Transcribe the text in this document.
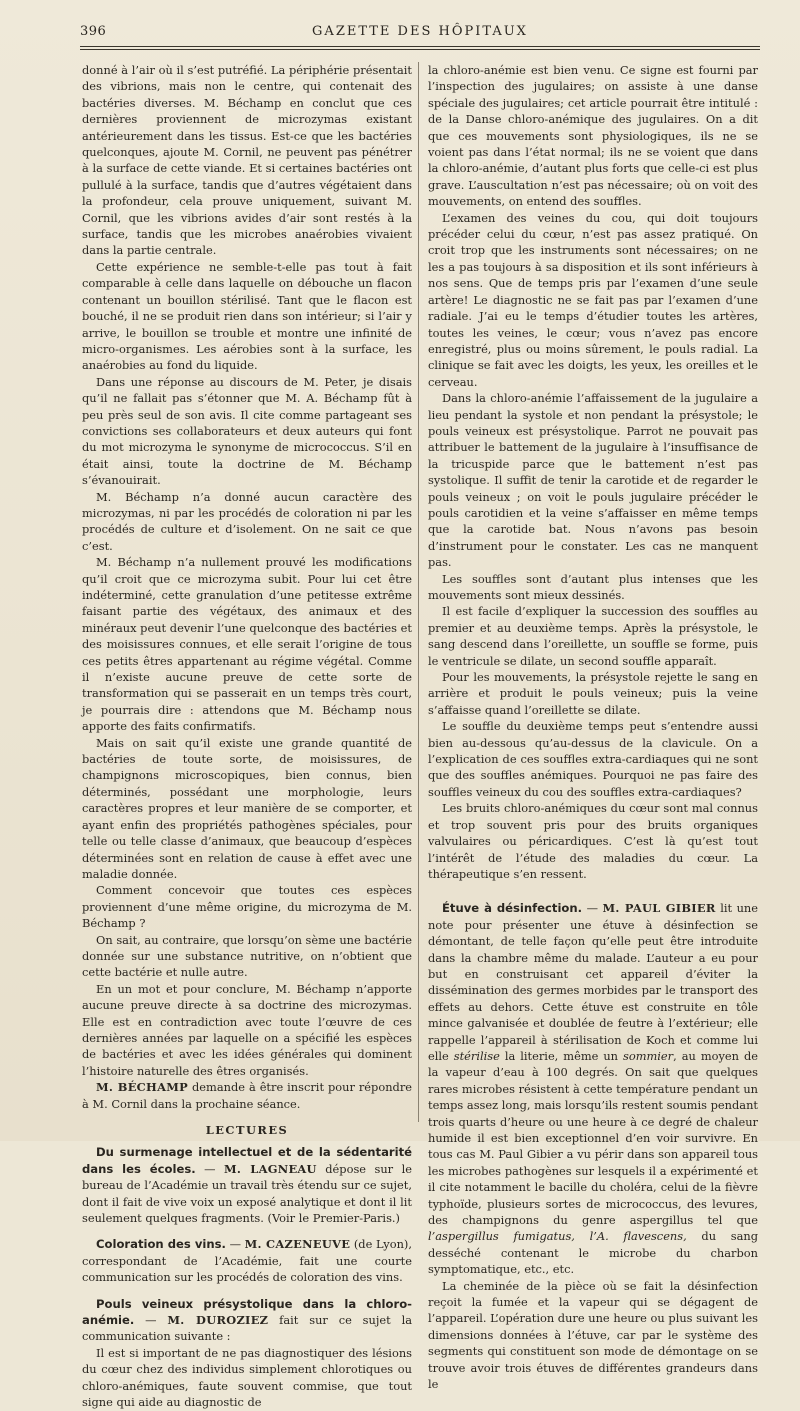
396	GAZETTE DES HÔPITAUX

donné à l’air où il s’est putréfié. La périphérie présentait des vibrions, mais non le centre, qui contenait des bactéries diverses. M. Béchamp en conclut que ces dernières proviennent de microzymas existant antérieurement dans les tissus. Est-ce que les bactéries quelconques, ajoute M. Cornil, ne peuvent pas pénétrer à la surface de cette viande. Et si certaines bactéries ont pullulé à la surface, tandis que d’autres végétaient dans la profondeur, cela prouve uniquement, suivant M. Cornil, que les vibrions avides d’air sont restés à la surface, tandis que les microbes anaérobies vivaient dans la partie centrale.

Cette expérience ne semble-t-elle pas tout à fait comparable à celle dans laquelle on débouche un flacon contenant un bouillon stérilisé. Tant que le flacon est bouché, il ne se produit rien dans son intérieur; si l’air y arrive, le bouillon se trouble et montre une infinité de micro-organismes. Les aérobies sont à la surface, les anaérobies au fond du liquide.

Dans une réponse au discours de M. Peter, je disais qu’il ne fallait pas s’étonner que M. A. Béchamp fût à peu près seul de son avis. Il cite comme partageant ses convictions ses collaborateurs et deux auteurs qui font du mot microzyma le synonyme de micrococcus. S’il en était ainsi, toute la doctrine de M. Béchamp s’évanouirait.

M. Béchamp n’a donné aucun caractère des microzymas, ni par les procédés de coloration ni par les procédés de culture et d’isolement. On ne sait ce que c’est.

M. Béchamp n’a nullement prouvé les modifications qu’il croit que ce microzyma subit. Pour lui cet être indéterminé, cette granulation d’une petitesse extrême faisant partie des végétaux, des animaux et des minéraux peut devenir l’une quelconque des bactéries et des moisissures connues, et elle serait l’origine de tous ces petits êtres appartenant au régime végétal. Comme il n’existe aucune preuve de cette sorte de transformation qui se passerait en un temps très court, je pourrais dire : attendons que M. Béchamp nous apporte des faits confirmatifs.

Mais on sait qu’il existe une grande quantité de bactéries de toute sorte, de moisissures, de champignons microscopiques, bien connus, bien déterminés, possédant une morphologie, leurs caractères propres et leur manière de se comporter, et ayant enfin des propriétés pathogènes spéciales, pour telle ou telle classe d’animaux, que beaucoup d’espèces déterminées sont en relation de cause à effet avec une maladie donnée.

Comment concevoir que toutes ces espèces proviennent d’une même origine, du microzyma de M. Béchamp ?

On sait, au contraire, que lorsqu’on sème une bactérie donnée sur une substance nutritive, on n’obtient que cette bactérie et nulle autre.

En un mot et pour conclure, M. Béchamp n’apporte aucune preuve directe à sa doctrine des microzymas. Elle est en contradiction avec toute l’œuvre de ces dernières années par laquelle on a spécifié les espèces de bactéries et avec les idées générales qui dominent l’histoire naturelle des êtres organisés.

M. BÉCHAMP demande à être inscrit pour répondre à M. Cornil dans la prochaine séance.

LECTURES

Du surmenage intellectuel et de la sédentarité dans les écoles. — M. LAGNEAU dépose sur le bureau de l’Académie un travail très étendu sur ce sujet, dont il fait de vive voix un exposé analytique et dont il lit seulement quelques fragments. (Voir le Premier-Paris.)

Coloration des vins. — M. CAZENEUVE (de Lyon), correspondant de l’Académie, fait une courte communication sur les procédés de coloration des vins.

Pouls veineux présystolique dans la chloro-anémie. — M. DUROZIEZ fait sur ce sujet la communication suivante :

Il est si important de ne pas diagnostiquer des lésions du cœur chez des individus simplement chlorotiques ou chloro-anémiques, faute souvent commise, que tout signe qui aide au diagnostic de

la chloro-anémie est bien venu. Ce signe est fourni par l’inspection des jugulaires; on assiste à une danse spéciale des jugulaires; cet article pourrait être intitulé : de la Danse chloro-anémique des jugulaires. On a dit que ces mouvements sont physiologiques, ils ne se voient pas dans l’état normal; ils ne se voient que dans la chloro-anémie, d’autant plus forts que celle-ci est plus grave. L’auscultation n’est pas nécessaire; où on voit des mouvements, on entend des souffles.

L’examen des veines du cou, qui doit toujours précéder celui du cœur, n’est pas assez pratiqué. On croit trop que les instruments sont nécessaires; on ne les a pas toujours à sa disposition et ils sont inférieurs à nos sens. Que de temps pris par l’examen d’une seule artère! Le diagnostic ne se fait pas par l’examen d’une radiale. J’ai eu le temps d’étudier toutes les artères, toutes les veines, le cœur; vous n’avez pas encore enregistré, plus ou moins sûrement, le pouls radial. La clinique se fait avec les doigts, les yeux, les oreilles et le cerveau.

Dans la chloro-anémie l’affaissement de la jugulaire a lieu pendant la systole et non pendant la présystole; le pouls veineux est présystolique. Parrot ne pouvait pas attribuer le battement de la jugulaire à l’insuffisance de la tricuspide parce que le battement n’est pas systolique. Il suffit de tenir la carotide et de regarder le pouls veineux ; on voit le pouls jugulaire précéder le pouls carotidien et la veine s’affaisser en même temps que la carotide bat. Nous n’avons pas besoin d’instrument pour le constater. Les cas ne manquent pas.

Les souffles sont d’autant plus intenses que les mouvements sont mieux dessinés.

Il est facile d’expliquer la succession des souffles au premier et au deuxième temps. Après la présystole, le sang descend dans l’oreillette, un souffle se forme, puis le ventricule se dilate, un second souffle apparaît.

Pour les mouvements, la présystole rejette le sang en arrière et produit le pouls veineux; puis la veine s’affaisse quand l’oreillette se dilate.

Le souffle du deuxième temps peut s’entendre aussi bien au-dessous qu’au-dessus de la clavicule. On a l’explication de ces souffles extra-cardiaques qui ne sont que des souffles anémiques. Pourquoi ne pas faire des souffles veineux du cou des souffles extra-cardiaques?

Les bruits chloro-anémiques du cœur sont mal connus et trop souvent pris pour des bruits organiques valvulaires ou péricardiques. C’est là qu’est tout l’intérêt de l’étude des maladies du cœur. La thérapeutique s’en ressent.

Étuve à désinfection. — M. PAUL GIBIER lit une note pour présenter une étuve à désinfection se démontant, de telle façon qu’elle peut être introduite dans la chambre même du malade. L’auteur a eu pour but en construisant cet appareil d’éviter la dissémination des germes morbides par le transport des effets au dehors. Cette étuve est construite en tôle mince galvanisée et doublée de feutre à l’extérieur; elle rappelle l’appareil à stérilisation de Koch et comme lui elle stérilise la literie, même un sommier, au moyen de la vapeur d’eau à 100 degrés. On sait que quelques rares microbes résistent à cette température pendant un temps assez long, mais lorsqu’ils restent soumis pendant trois quarts d’heure ou une heure à ce degré de chaleur humide il est bien exceptionnel d’en voir survivre. En tous cas M. Paul Gibier a vu périr dans son appareil tous les microbes pathogènes sur lesquels il a expérimenté et il cite notamment le bacille du choléra, celui de la fièvre typhoïde, plusieurs sortes de micrococcus, des levures, des champignons du genre aspergillus tel que l’aspergillus fumigatus, l’A. flavescens, du sang desséché contenant le microbe du charbon symptomatique, etc., etc.

La cheminée de la pièce où se fait la désinfection reçoit la fumée et la vapeur qui se dégagent de l’appareil. L’opération dure une heure ou plus suivant les dimensions données à l’étuve, car par le système des segments qui constituent son mode de démontage on se trouve avoir trois étuves de différentes grandeurs dans le
